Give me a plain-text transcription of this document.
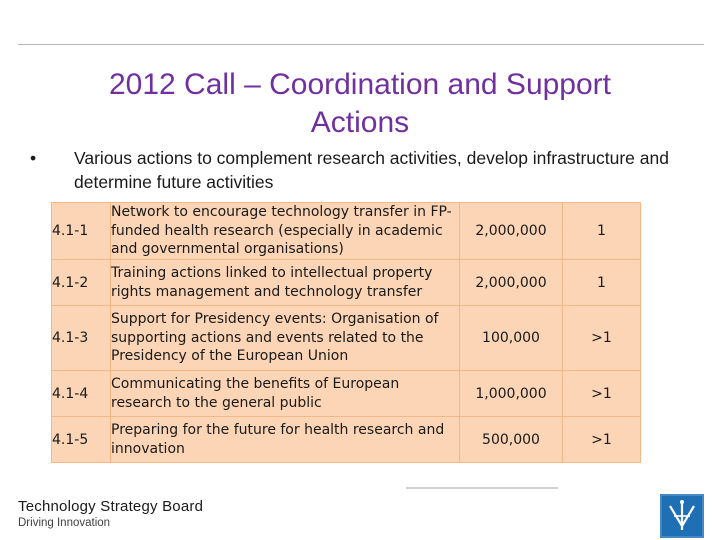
2012 Call – Coordination and Support
Actions
• Various actions to complement research activities, develop infrastructure and determine future activities
4.1-1	Network to encourage technology transfer in FP-funded health research (especially in academic and governmental organisations)	2,000,000	1
4.1-2	Training actions linked to intellectual property rights management and technology transfer	2,000,000	1
4.1-3	Support for Presidency events: Organisation of supporting actions and events related to the Presidency of the European Union	100,000	>1
4.1-4	Communicating the benefits of European research to the general public	1,000,000	>1
4.1-5	Preparing for the future for health research and innovation	500,000	>1
Technology Strategy Board
Driving Innovation
